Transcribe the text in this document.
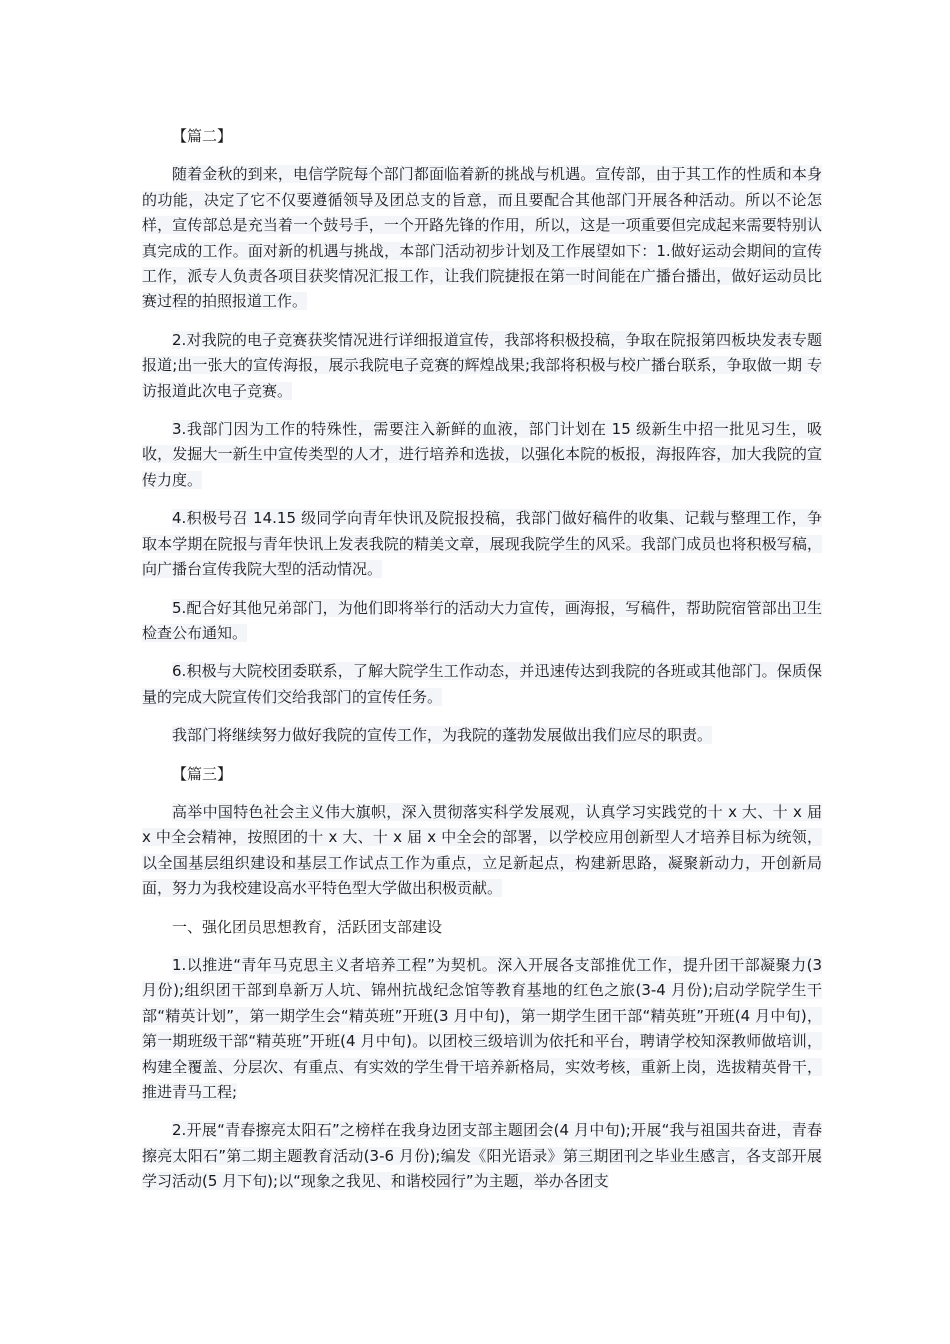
【篇二】

随着金秋的到来，电信学院每个部门都面临着新的挑战与机遇。宣传部，由于其工作的性质和本身的功能，决定了它不仅要遵循领导及团总支的旨意，而且要配合其他部门开展各种活动。所以不论怎样，宣传部总是充当着一个鼓号手，一个开路先锋的作用，所以，这是一项重要但完成起来需要特别认真完成的工作。面对新的机遇与挑战，本部门活动初步计划及工作展望如下：1.做好运动会期间的宣传工作，派专人负责各项目获奖情况汇报工作，让我们院捷报在第一时间能在广播台播出，做好运动员比赛过程的拍照报道工作。

2.对我院的电子竞赛获奖情况进行详细报道宣传，我部将积极投稿，争取在院报第四板块发表专题报道;出一张大的宣传海报，展示我院电子竞赛的辉煌战果;我部将积极与校广播台联系，争取做一期 专访报道此次电子竞赛。

3.我部门因为工作的特殊性，需要注入新鲜的血液，部门计划在 15 级新生中招一批见习生，吸收，发掘大一新生中宣传类型的人才，进行培养和选拔，以强化本院的板报，海报阵容，加大我院的宣传力度。

4.积极号召 14.15 级同学向青年快讯及院报投稿，我部门做好稿件的收集、记载与整理工作，争取本学期在院报与青年快讯上发表我院的精美文章，展现我院学生的风采。我部门成员也将积极写稿，向广播台宣传我院大型的活动情况。

5.配合好其他兄弟部门，为他们即将举行的活动大力宣传，画海报，写稿件，帮助院宿管部出卫生检查公布通知。

6.积极与大院校团委联系，了解大院学生工作动态，并迅速传达到我院的各班或其他部门。保质保量的完成大院宣传们交给我部门的宣传任务。

我部门将继续努力做好我院的宣传工作，为我院的蓬勃发展做出我们应尽的职责。

【篇三】

高举中国特色社会主义伟大旗帜，深入贯彻落实科学发展观，认真学习实践党的十 x 大、十 x 届 x 中全会精神，按照团的十 x 大、十 x 届 x 中全会的部署，以学校应用创新型人才培养目标为统领，以全国基层组织建设和基层工作试点工作为重点，立足新起点，构建新思路，凝聚新动力，开创新局面，努力为我校建设高水平特色型大学做出积极贡献。

一、强化团员思想教育，活跃团支部建设

1.以推进“青年马克思主义者培养工程”为契机。深入开展各支部推优工作，提升团干部凝聚力(3 月份);组织团干部到阜新万人坑、锦州抗战纪念馆等教育基地的红色之旅(3-4 月份);启动学院学生干部“精英计划”，第一期学生会“精英班”开班(3 月中旬)，第一期学生团干部“精英班”开班(4 月中旬)，第一期班级干部“精英班”开班(4 月中旬)。以团校三级培训为依托和平台，聘请学校知深教师做培训，构建全覆盖、分层次、有重点、有实效的学生骨干培养新格局，实效考核，重新上岗，选拔精英骨干，推进青马工程;

2.开展“青春擦亮太阳石”之榜样在我身边团支部主题团会(4 月中旬);开展“我与祖国共奋进，青春擦亮太阳石”第二期主题教育活动(3-6 月份);编发《阳光语录》第三期团刊之毕业生感言，各支部开展学习活动(5 月下旬);以“现象之我见、和谐校园行”为主题，举办各团支
